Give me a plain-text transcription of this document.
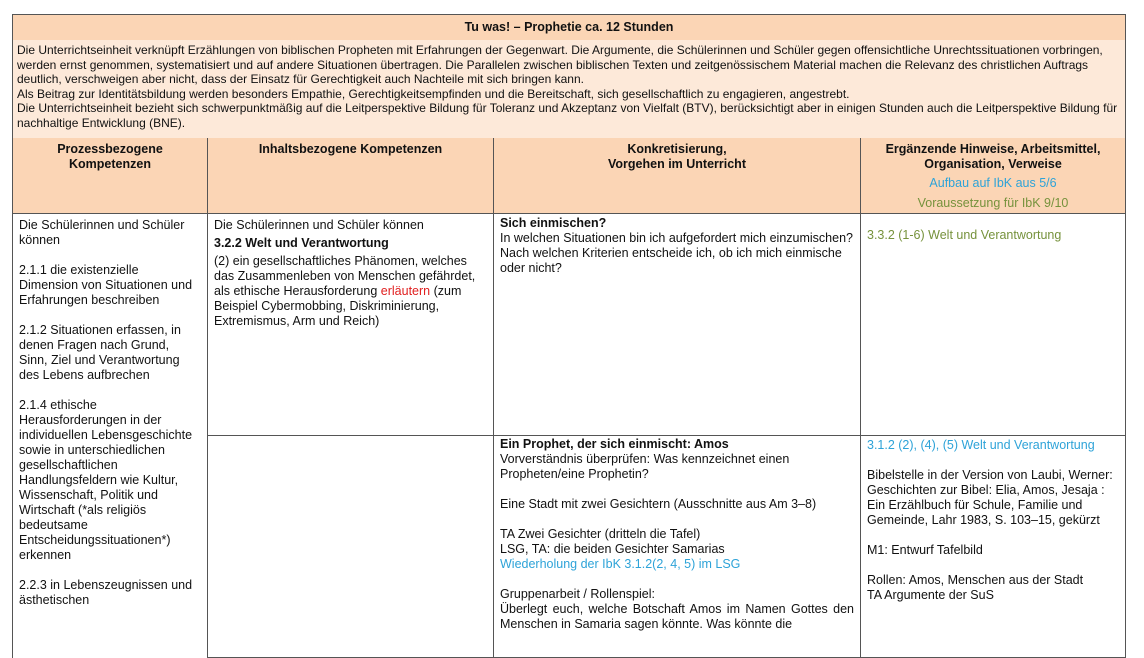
Tu was! – Prophetie ca. 12 Stunden

Die Unterrichtseinheit verknüpft Erzählungen von biblischen Propheten mit Erfahrungen der Gegenwart. Die Argumente, die Schülerinnen und Schüler gegen offensichtliche Unrechtssituationen vorbringen, werden ernst genommen, systematisiert und auf andere Situationen übertragen. Die Parallelen zwischen biblischen Texten und zeitgenössischem Material machen die Relevanz des christlichen Auftrags deutlich, verschweigen aber nicht, dass der Einsatz für Gerechtigkeit auch Nachteile mit sich bringen kann.

Als Beitrag zur Identitätsbildung werden besonders Empathie, Gerechtigkeitsempfinden und die Bereitschaft, sich gesellschaftlich zu engagieren, angestrebt.

Die Unterrichtseinheit bezieht sich schwerpunktmäßig auf die Leitperspektive Bildung für Toleranz und Akzeptanz von Vielfalt (BTV), berücksichtigt aber in einigen Stunden auch die Leitperspektive Bildung für nachhaltige Entwicklung (BNE).

Prozessbezogene Kompetenzen
Inhaltsbezogene Kompetenzen	Konkretisierung,
Vorgehen im Unterricht
Ergänzende Hinweise, Arbeitsmittel,
Organisation, Verweise
Aufbau auf IbK aus 5/6
Voraussetzung für IbK 9/10
Die Schülerinnen und Schüler können
2.1.1 die existenzielle Dimension von Situationen und Erfahrungen beschreiben
2.1.2 Situationen erfassen, in denen Fragen nach Grund, Sinn, Ziel und Verantwortung des Lebens aufbrechen
2.1.4 ethische Herausforderungen in der individuellen Lebensgeschichte sowie in unterschiedlichen gesellschaftlichen Handlungsfeldern wie Kultur, Wissenschaft, Politik und Wirtschaft (*als religiös bedeutsame Entscheidungssituationen*) erkennen
2.2.3 in Lebenszeugnissen und ästhetischen
Die Schülerinnen und Schüler können
3.2.2 Welt und Verantwortung
(2) ein gesellschaftliches Phänomen, welches das Zusammenleben von Menschen gefährdet, als ethische Herausforderung erläutern (zum Beispiel Cybermobbing, Diskriminierung, Extremismus, Arm und Reich)
Sich einmischen?
In welchen Situationen bin ich aufgefordert mich einzumischen? Nach welchen Kriterien entscheide ich, ob ich mich einmische oder nicht?
3.3.2 (1-6) Welt und Verantwortung
Ein Prophet, der sich einmischt: Amos
Vorverständnis überprüfen: Was kennzeichnet einen Propheten/eine Prophetin?
Eine Stadt mit zwei Gesichtern (Ausschnitte aus Am 3–8)
TA Zwei Gesichter (dritteln die Tafel)
LSG, TA: die beiden Gesichter Samarias
Wiederholung der IbK 3.1.2(2, 4, 5) im LSG
Gruppenarbeit / Rollenspiel:
Überlegt euch, welche Botschaft Amos im Namen Gottes den Menschen in Samaria sagen könnte. Was könnte die
3.1.2 (2), (4), (5) Welt und Verantwortung
Bibelstelle in der Version von Laubi, Werner: Geschichten zur Bibel: Elia, Amos, Jesaja : Ein Erzählbuch für Schule, Familie und Gemeinde, Lahr 1983, S. 103–15, gekürzt
M1: Entwurf Tafelbild
Rollen: Amos, Menschen aus der Stadt
TA Argumente der SuS
